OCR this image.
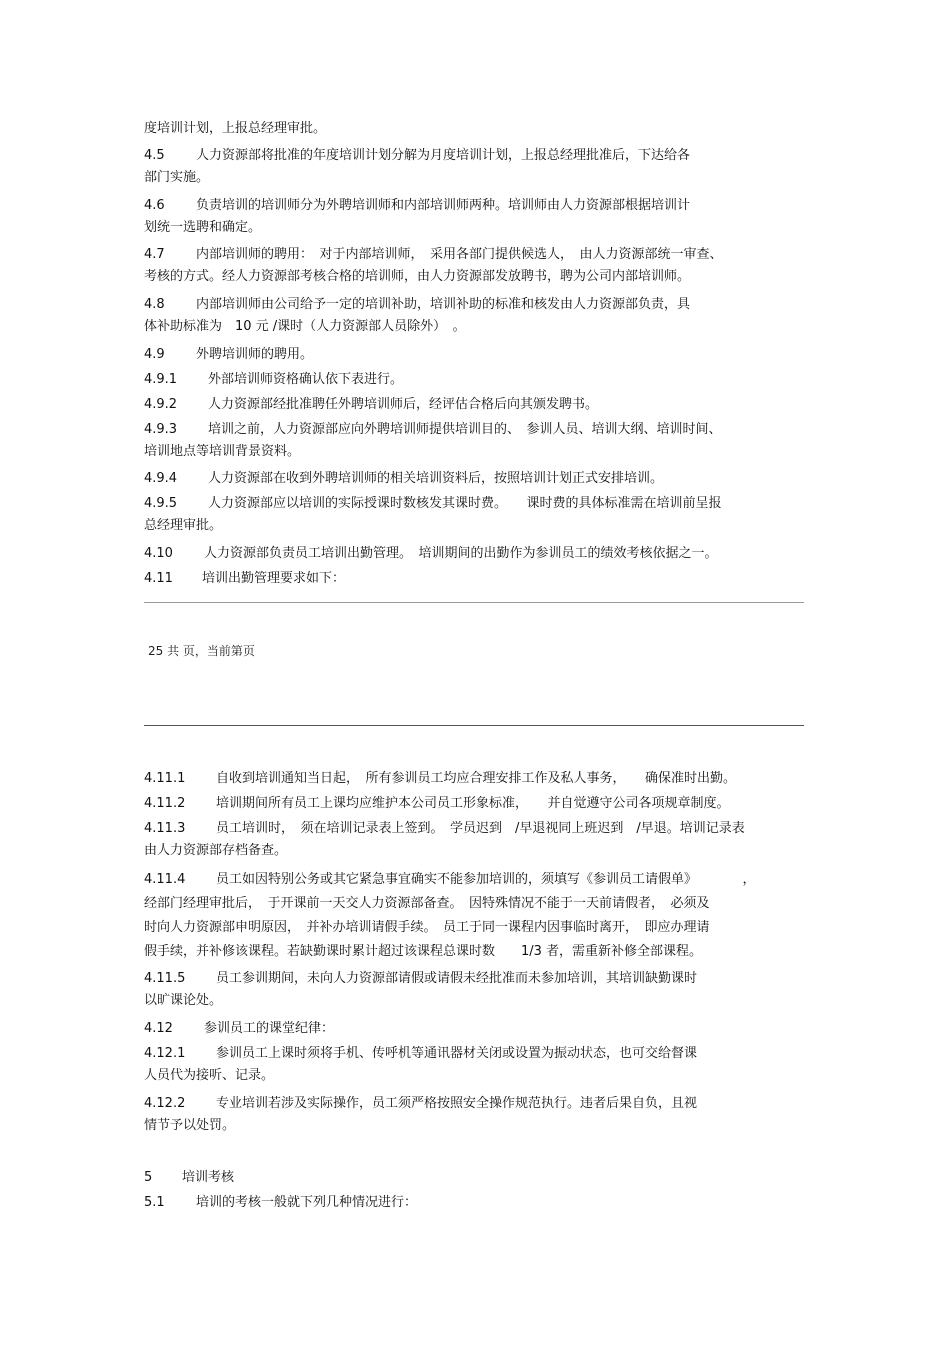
度培训计划，上报总经理审批。

4.5 人力资源部将批准的年度培训计划分解为月度培训计划，上报总经理批准后，下达给各
部门实施。

4.6 负责培训的培训师分为外聘培训师和内部培训师两种。培训师由人力资源部根据培训计
划统一选聘和确定。

4.7 内部培训师的聘用：　对于内部培训师，　采用各部门提供候选人，　由人力资源部统一审查、
考核的方式。经人力资源部考核合格的培训师，由人力资源部发放聘书，聘为公司内部培训师。

4.8 内部培训师由公司给予一定的培训补助，培训补助的标准和核发由人力资源部负责，具
体补助标准为　10 元 /课时（人力资源部人员除外）　。

4.9 外聘培训师的聘用。

4.9.1 外部培训师资格确认依下表进行。

4.9.2 人力资源部经批准聘任外聘培训师后，经评估合格后向其颁发聘书。

4.9.3 培训之前，人力资源部应向外聘培训师提供培训目的、　参训人员、培训大纲、培训时间、
培训地点等培训背景资料。

4.9.4 人力资源部在收到外聘培训师的相关培训资料后，按照培训计划正式安排培训。

4.9.5 人力资源部应以培训的实际授课时数核发其课时费。　　课时费的具体标准需在培训前呈报
总经理审批。

4.10 人力资源部负责员工培训出勤管理。　培训期间的出勤作为参训员工的绩效考核依据之一。

4.11 培训出勤管理要求如下：

25 共 页，当前第页

4.11.1 自收到培训通知当日起，　所有参训员工均应合理安排工作及私人事务，　　确保准时出勤。

4.11.2 培训期间所有员工上课均应维护本公司员工形象标准，　　并自觉遵守公司各项规章制度。

4.11.3 员工培训时，　须在培训记录表上签到。　学员迟到　/早退视同上班迟到　/早退。培训记录表
由人力资源部存档备查。

4.11.4 员工如因特别公务或其它紧急事宜确实不能参加培训的，须填写《参训员工请假单》　　　　，
经部门经理审批后，　于开课前一天交人力资源部备查。　因特殊情况不能于一天前请假者，　必须及
时向人力资源部申明原因，　并补办培训请假手续。　员工于同一课程内因事临时离开，　即应办理请
假手续，并补修该课程。若缺勤课时累计超过该课程总课时数　　1/3 者，需重新补修全部课程。

4.11.5 员工参训期间，未向人力资源部请假或请假未经批准而未参加培训，其培训缺勤课时
以旷课论处。

4.12 参训员工的课堂纪律：

4.12.1 参训员工上课时须将手机、传呼机等通讯器材关闭或设置为振动状态，也可交给督课
人员代为接听、记录。

4.12.2 专业培训若涉及实际操作，员工须严格按照安全操作规范执行。违者后果自负，且视
情节予以处罚。

5 培训考核

5.1 培训的考核一般就下列几种情况进行：
